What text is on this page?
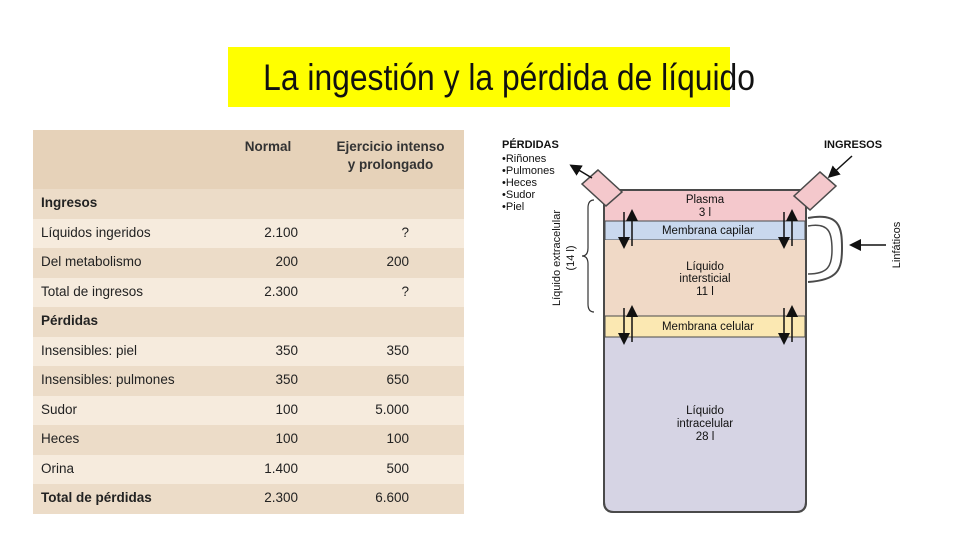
La ingestión y la pérdida de líquido
Normal	Ejercicio intenso
y prolongado
Ingresos
Líquidos ingeridos	2.100	?
Del metabolismo	200	200
Total de ingresos	2.300	?
Pérdidas
Insensibles: piel	350	350
Insensibles: pulmones	350	650
Sudor	100	5.000
Heces	100	100
Orina	1.400	500
Total de pérdidas	2.300	6.600
Plasma
3 l
Membrana capilar
Líquido
intersticial
11 l
Membrana celular
Líquido
intracelular
28 l
PÉRDIDAS
•Riñones
•Pulmones
•Heces
•Sudor
•Piel
INGRESOS
Líquido extracelular (14 l)	Linfáticos
